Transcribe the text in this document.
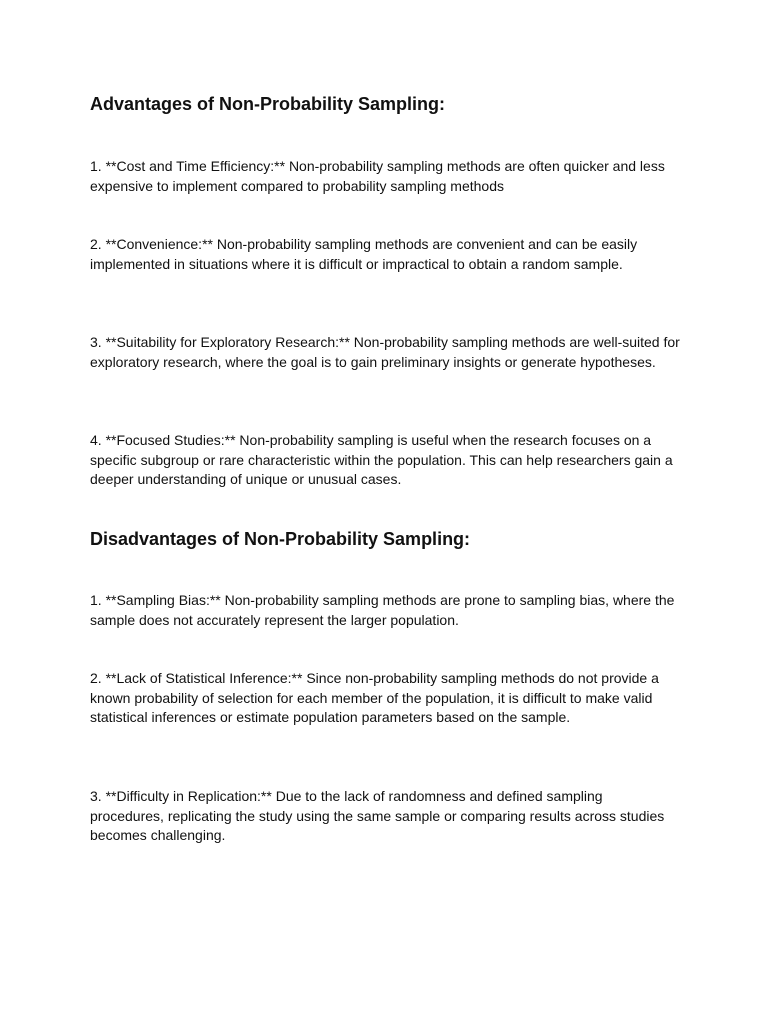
Advantages of Non-Probability Sampling:

1. **Cost and Time Efficiency:** Non-probability sampling methods are often quicker and less expensive to implement compared to probability sampling methods

2. **Convenience:** Non-probability sampling methods are convenient and can be easily implemented in situations where it is difficult or impractical to obtain a random sample.

3. **Suitability for Exploratory Research:** Non-probability sampling methods are well-suited for exploratory research, where the goal is to gain preliminary insights or generate hypotheses.

4. **Focused Studies:** Non-probability sampling is useful when the research focuses on a specific subgroup or rare characteristic within the population. This can help researchers gain a deeper understanding of unique or unusual cases.

Disadvantages of Non-Probability Sampling:

1. **Sampling Bias:** Non-probability sampling methods are prone to sampling bias, where the sample does not accurately represent the larger population.

2. **Lack of Statistical Inference:** Since non-probability sampling methods do not provide a known probability of selection for each member of the population, it is difficult to make valid statistical inferences or estimate population parameters based on the sample.

3. **Difficulty in Replication:** Due to the lack of randomness and defined sampling procedures, replicating the study using the same sample or comparing results across studies becomes challenging.
